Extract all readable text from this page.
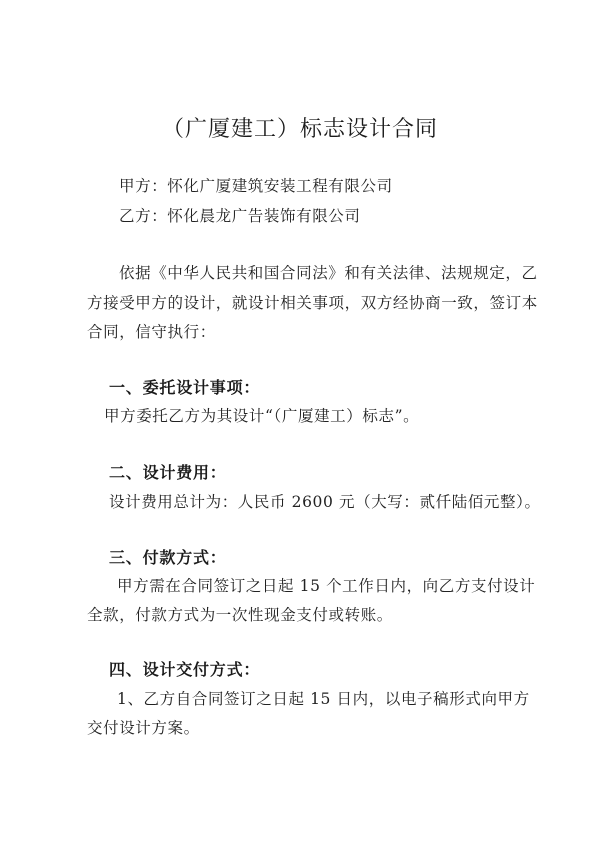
（广厦建工）标志设计合同
甲方：怀化广厦建筑安装工程有限公司
乙方：怀化晨龙广告装饰有限公司
依据《中华人民共和国合同法》和有关法律、法规规定，乙
方接受甲方的设计，就设计相关事项，双方经协商一致，签订本
合同，信守执行：
一、委托设计事项：
甲方委托乙方为其设计“（广厦建工）标志”。
二、设计费用：
设计费用总计为：人民币 2600 元（大写：贰仟陆佰元整）。
三、付款方式：
甲方需在合同签订之日起 15 个工作日内，向乙方支付设计
全款，付款方式为一次性现金支付或转账。
四、设计交付方式：
1、乙方自合同签订之日起 15 日内，以电子稿形式向甲方
交付设计方案。
